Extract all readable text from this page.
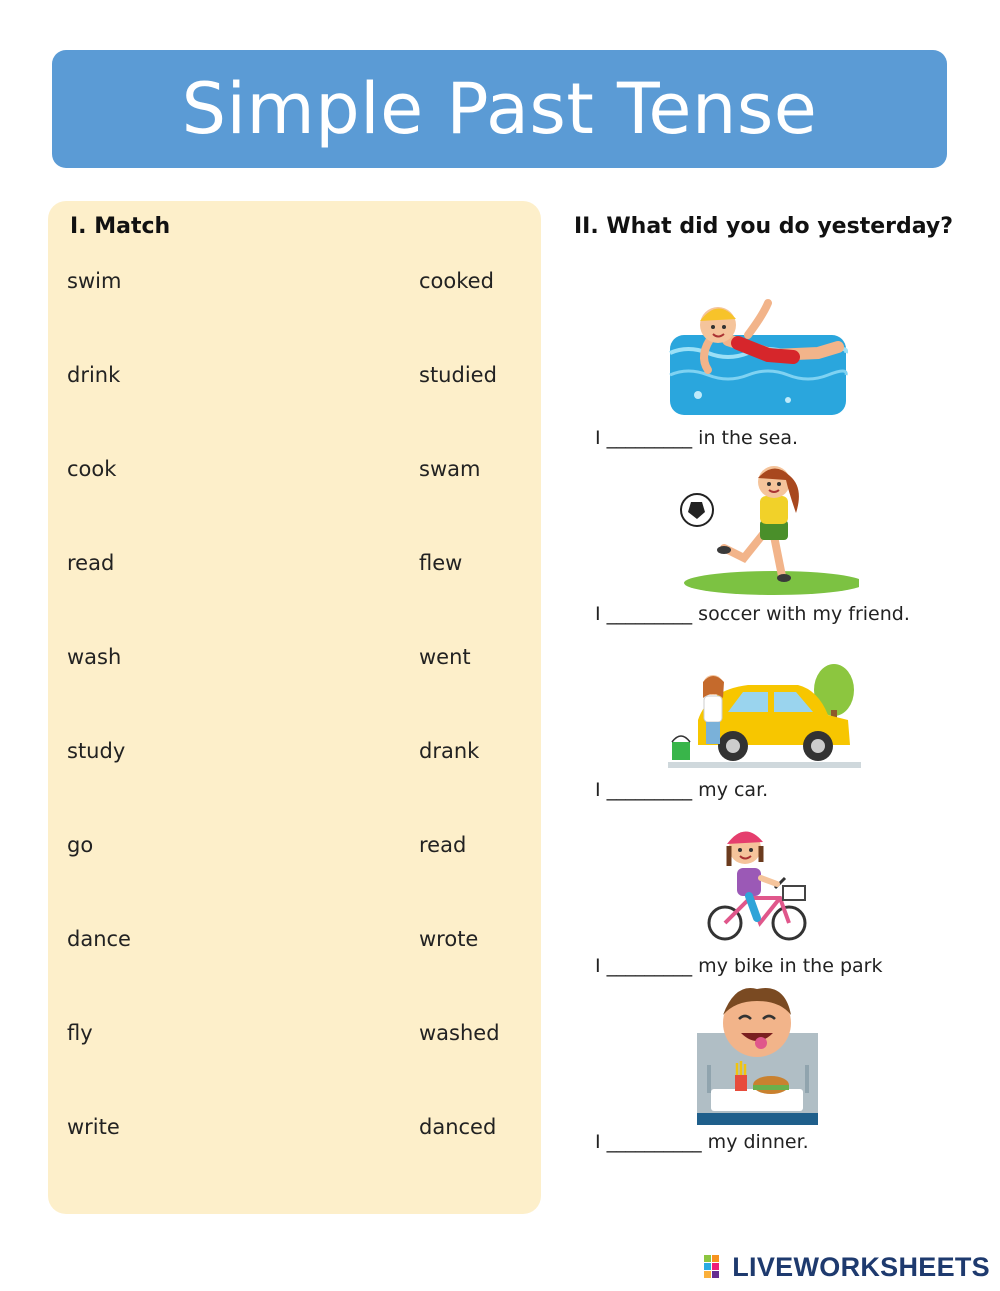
Simple Past Tense
I. Match
swim
drink
cook
read
wash
study
go
dance
fly
write
cooked
studied
swam
flew
went
drank
read
wrote
washed
danced
II. What did you do yesterday?
I _________ in the sea.
I _________ soccer with my friend.
I _________ my car.
I _________ my bike in the park
I __________ my dinner.
LIVEWORKSHEETS
